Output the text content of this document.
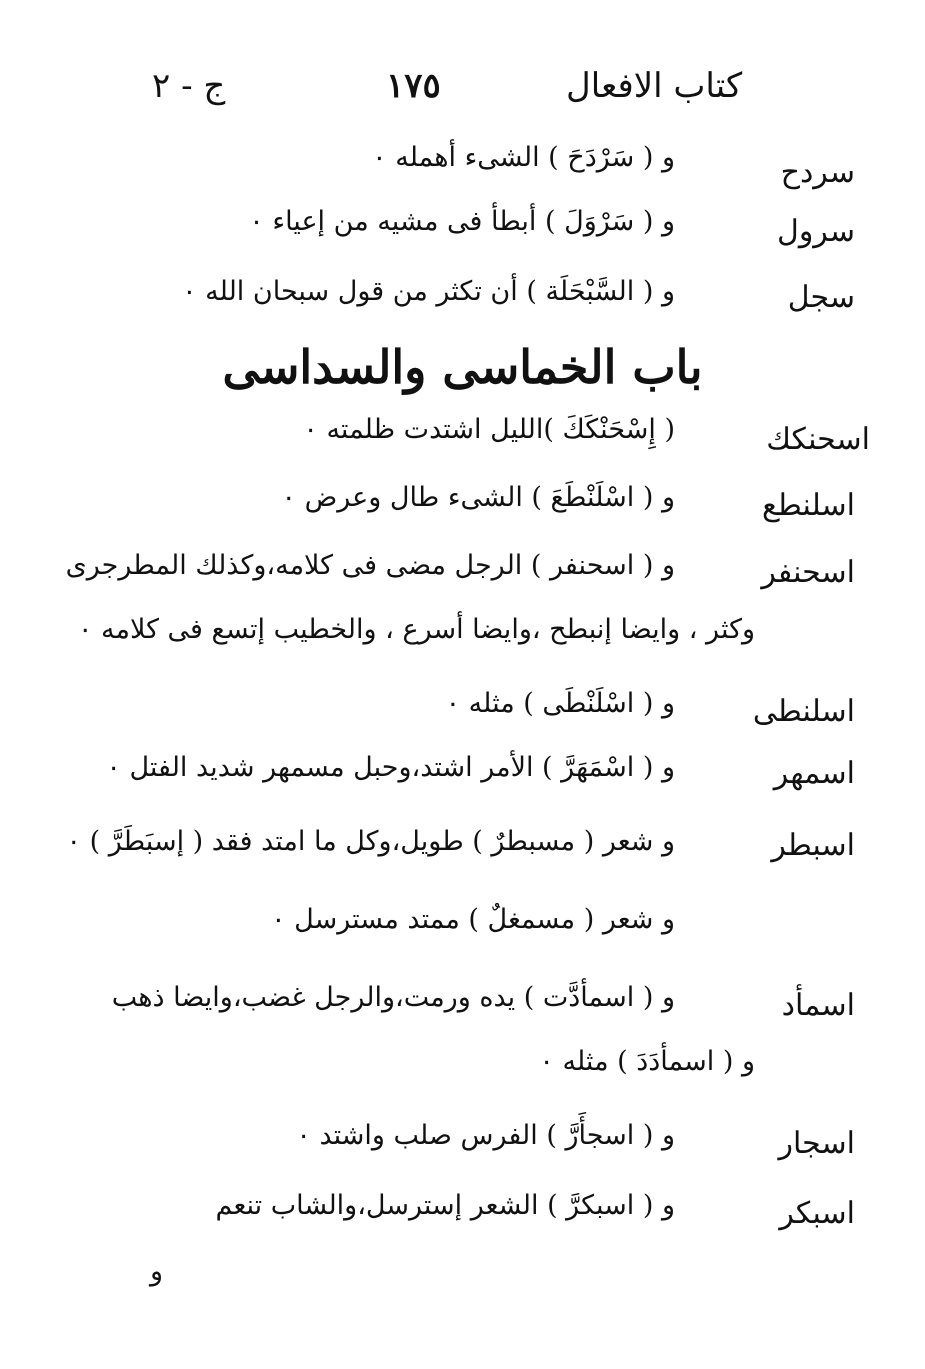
كتاب الافعال
١٧٥
ج - ٢
سردح
و ( سَرْدَحَ ) الشىء أهمله ٠
سرول
و ( سَرْوَلَ ) أبطأ فى مشيه من إعياء ٠
سجل
و ( السَّبْحَلَة ) أن تكثر من قول سبحان الله ٠
باب الخماسى والسداسى
اسحنكك
( إِسْحَنْكَكَ )الليل اشتدت ظلمته ٠
اسلنطع
و ( اسْلَنْطَعَ ) الشىء طال وعرض ٠
اسحنفر
و ( اسحنفر ) الرجل مضى فى كلامه،وكذلك المطرجرى
وكثر ، وايضا إنبطح ،وايضا أسرع ، والخطيب إتسع فى كلامه ٠
اسلنطى
و ( اسْلَنْطَى ) مثله ٠
اسمهر
و ( اسْمَهَرَّ ) الأمر اشتد،وحبل مسمهر شديد الفتل ٠
اسبطر
و شعر ( مسبطرٌ ) طويل،وكل ما امتد فقد ( إسبَطَرَّ ) ٠
و شعر ( مسمغلٌ ) ممتد مسترسل ٠
اسمأد
و ( اسمأدَّت ) يده ورمت،والرجل غضب،وايضا ذهب
و ( اسمأدَدَ ) مثله ٠
اسجار
و ( اسجأَرَّ ) الفرس صلب واشتد ٠
اسبكر
و ( اسبكرَّ ) الشعر إسترسل،والشاب تنعم
و
